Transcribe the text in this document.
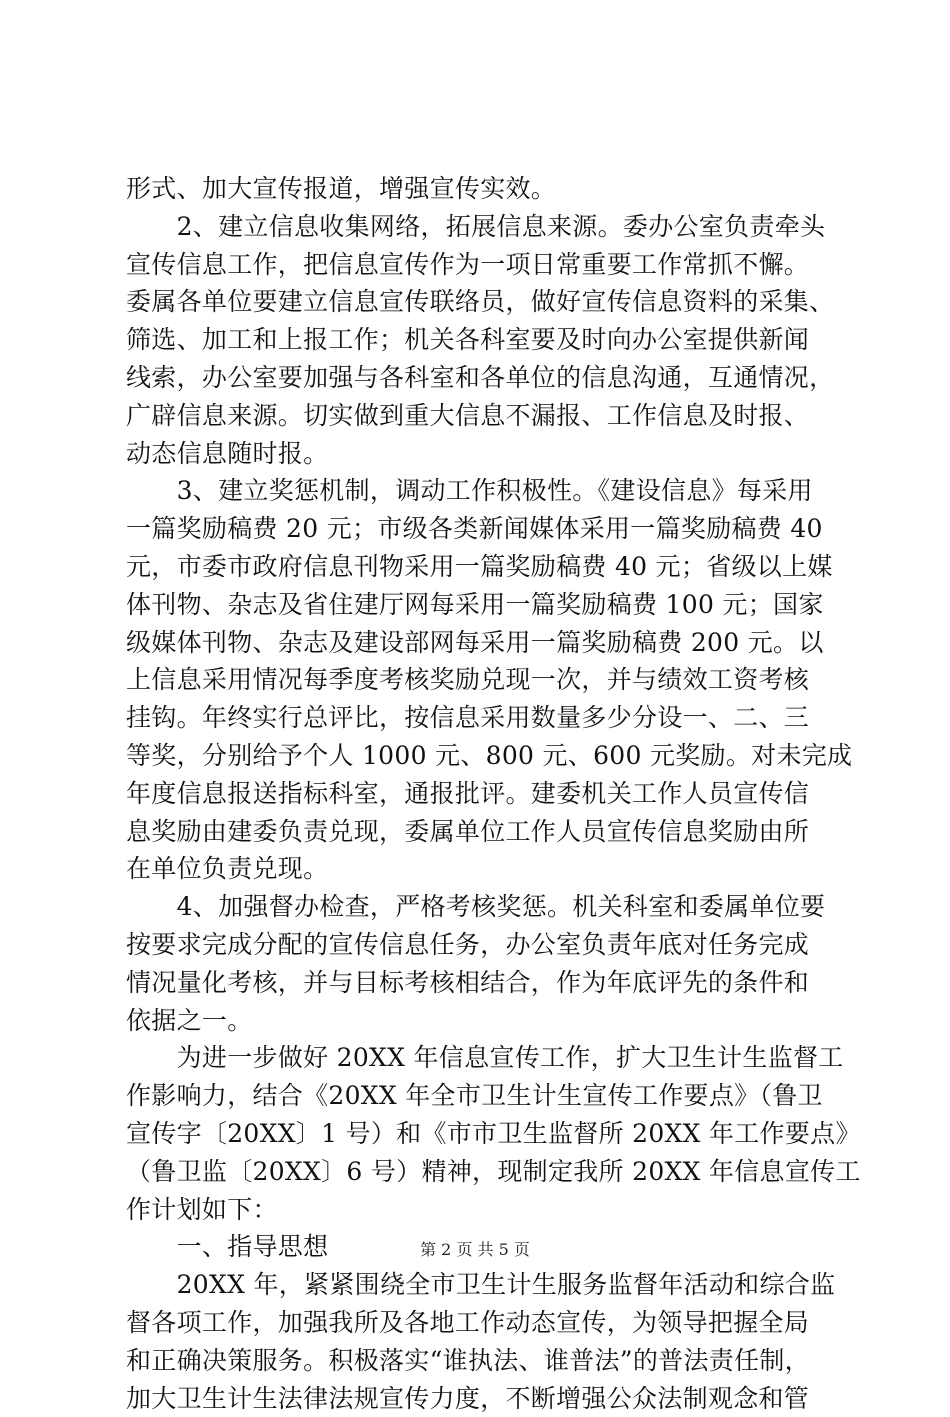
形式、加大宣传报道，增强宣传实效。
　　2、建立信息收集网络，拓展信息来源。委办公室负责牵头
宣传信息工作，把信息宣传作为一项日常重要工作常抓不懈。
委属各单位要建立信息宣传联络员，做好宣传信息资料的采集、
筛选、加工和上报工作；机关各科室要及时向办公室提供新闻
线索，办公室要加强与各科室和各单位的信息沟通，互通情况，
广辟信息来源。切实做到重大信息不漏报、工作信息及时报、
动态信息随时报。
　　3、建立奖惩机制，调动工作积极性。《建设信息》每采用
一篇奖励稿费 20 元；市级各类新闻媒体采用一篇奖励稿费 40
元，市委市政府信息刊物采用一篇奖励稿费 40 元；省级以上媒
体刊物、杂志及省住建厅网每采用一篇奖励稿费 100 元；国家
级媒体刊物、杂志及建设部网每采用一篇奖励稿费 200 元。以
上信息采用情况每季度考核奖励兑现一次，并与绩效工资考核
挂钩。年终实行总评比，按信息采用数量多少分设一、二、三
等奖，分别给予个人 1000 元、800 元、600 元奖励。对未完成
年度信息报送指标科室，通报批评。建委机关工作人员宣传信
息奖励由建委负责兑现，委属单位工作人员宣传信息奖励由所
在单位负责兑现。
　　4、加强督办检查，严格考核奖惩。机关科室和委属单位要
按要求完成分配的宣传信息任务，办公室负责年底对任务完成
情况量化考核，并与目标考核相结合，作为年底评先的条件和
依据之一。
　　为进一步做好 20XX 年信息宣传工作，扩大卫生计生监督工
作影响力，结合《20XX 年全市卫生计生宣传工作要点》（鲁卫
宣传字〔20XX〕1 号）和《市市卫生监督所 20XX 年工作要点》
（鲁卫监〔20XX〕6 号）精神，现制定我所 20XX 年信息宣传工
作计划如下：
　　一、指导思想
　　20XX 年，紧紧围绕全市卫生计生服务监督年活动和综合监
督各项工作，加强我所及各地工作动态宣传，为领导把握全局
和正确决策服务。积极落实“谁执法、谁普法”的普法责任制，
加大卫生计生法律法规宣传力度，不断增强公众法制观念和管
第 2 页 共 5 页
